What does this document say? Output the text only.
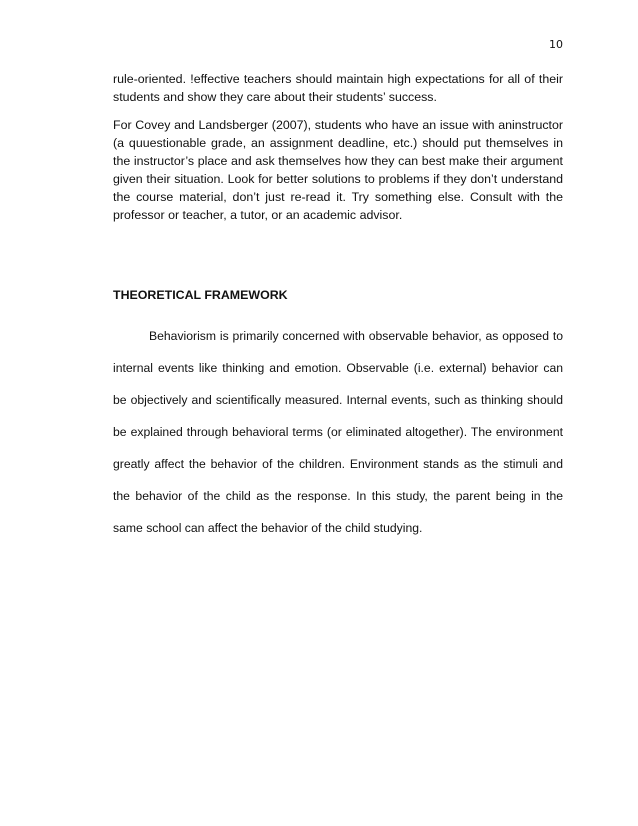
10

rule-oriented. !effective teachers should maintain high expectations for all of their students and show they care about their students’ success.

For Covey and Landsberger (2007), students who have an issue with aninstructor (a quuestionable grade, an assignment deadline, etc.) should put themselves in the instructor’s place and ask themselves how they can best make their argument given their situation. Look for better solutions to problems if they don’t understand the course material, don’t just re-read it. Try something else. Consult with the professor or teacher, a tutor, or an academic advisor.

THEORETICAL FRAMEWORK

Behaviorism is primarily concerned with observable behavior, as opposed to internal events like thinking and emotion. Observable (i.e. external) behavior can be objectively and scientifically measured. Internal events, such as thinking should be explained through behavioral terms (or eliminated altogether). The environment greatly affect the behavior of the children. Environment stands as the stimuli and the behavior of the child as the response. In this study, the parent being in the same school can affect the behavior of the child studying.
